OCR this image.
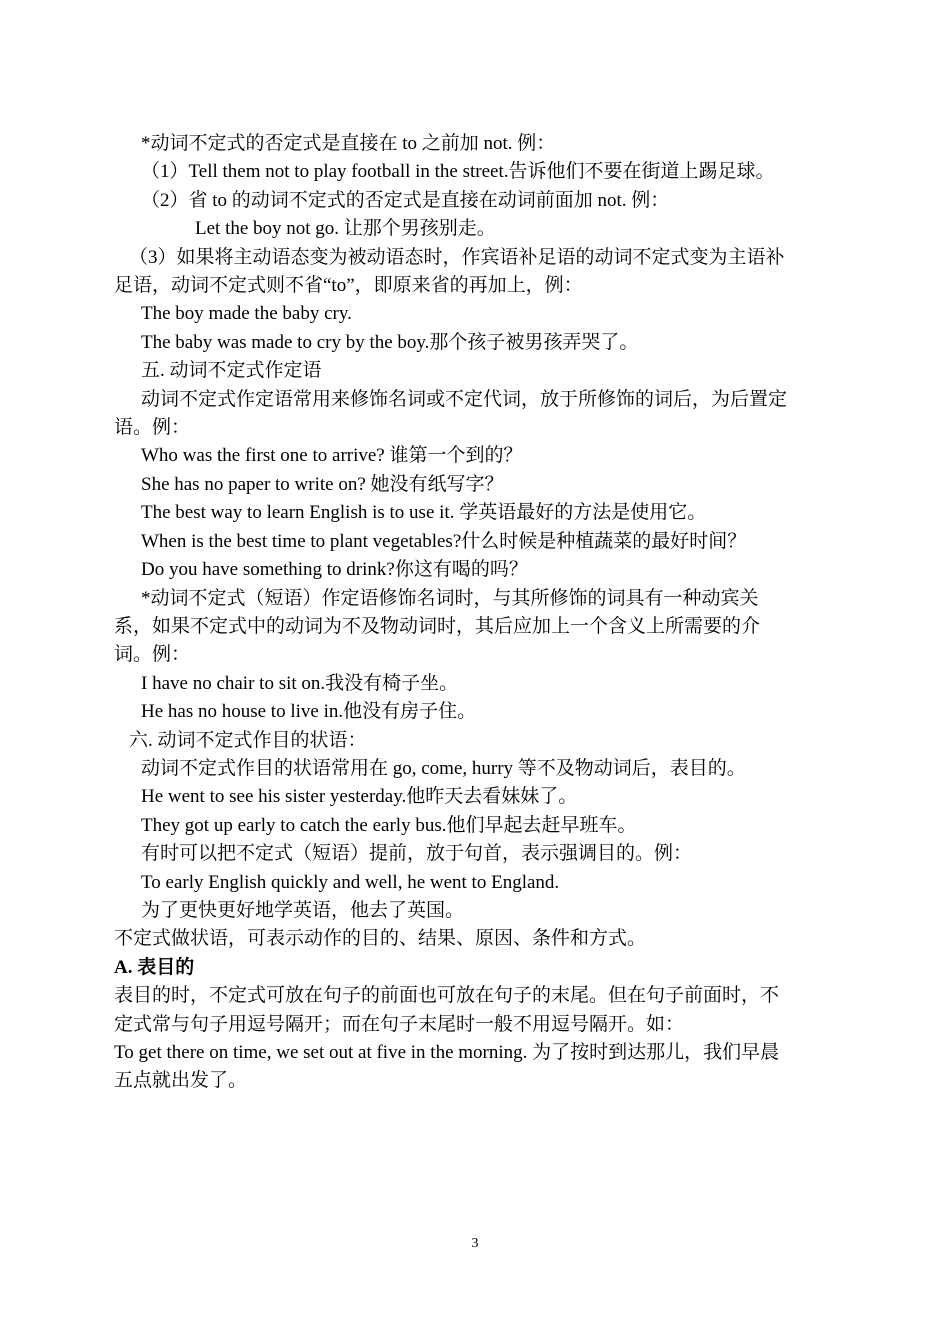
*动词不定式的否定式是直接在 to 之前加 not. 例：

（1）Tell them not to play football in the street.告诉他们不要在街道上踢足球。

（2）省 to 的动词不定式的否定式是直接在动词前面加 not. 例：

Let the boy not go. 让那个男孩别走。

（3）如果将主动语态变为被动语态时，作宾语补足语的动词不定式变为主语补足语，动词不定式则不省“to”，即原来省的再加上，例：

The boy made the baby cry.

The baby was made to cry by the boy.那个孩子被男孩弄哭了。

五. 动词不定式作定语

动词不定式作定语常用来修饰名词或不定代词，放于所修饰的词后，为后置定语。例：

Who was the first one to arrive? 谁第一个到的？

She has no paper to write on? 她没有纸写字？

The best way to learn English is to use it. 学英语最好的方法是使用它。

When is the best time to plant vegetables?什么时候是种植蔬菜的最好时间？

Do you have something to drink?你这有喝的吗？

*动词不定式（短语）作定语修饰名词时，与其所修饰的词具有一种动宾关系，如果不定式中的动词为不及物动词时，其后应加上一个含义上所需要的介词。例：

I have no chair to sit on.我没有椅子坐。

He has no house to live in.他没有房子住。

六. 动词不定式作目的状语：

动词不定式作目的状语常用在 go, come, hurry 等不及物动词后，表目的。

He went to see his sister yesterday.他昨天去看妹妹了。

They got up early to catch the early bus.他们早起去赶早班车。

有时可以把不定式（短语）提前，放于句首，表示强调目的。例：

To early English quickly and well, he went to England.

为了更快更好地学英语，他去了英国。

不定式做状语，可表示动作的目的、结果、原因、条件和方式。

A. 表目的

表目的时，不定式可放在句子的前面也可放在句子的末尾。但在句子前面时，不定式常与句子用逗号隔开；而在句子末尾时一般不用逗号隔开。如：

To get there on time, we set out at five in the morning. 为了按时到达那儿，我们早晨五点就出发了。

3
